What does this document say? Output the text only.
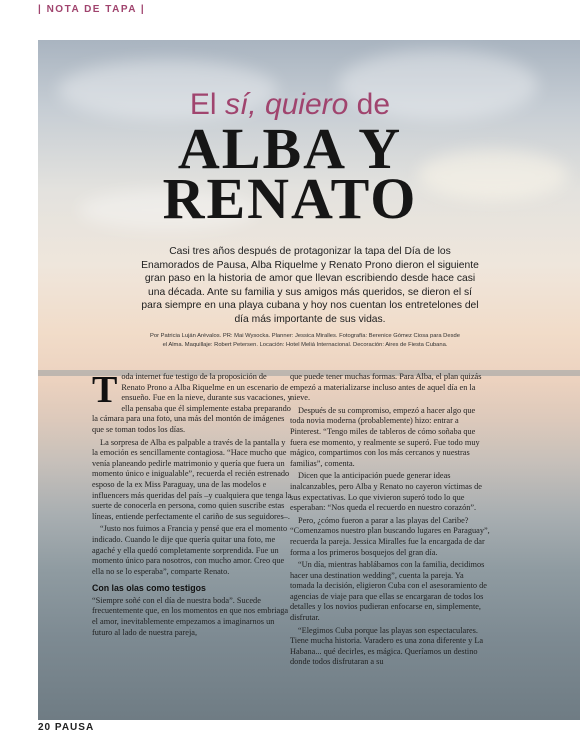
| NOTA DE TAPA |
El sí, quiero de
ALBA Y
RENATO
Casi tres años después de protagonizar la tapa del Día de los Enamorados de Pausa, Alba Riquelme y Renato Prono dieron el siguiente gran paso en la historia de amor que llevan escribiendo desde hace casi una década. Ante su familia y sus amigos más queridos, se dieron el sí para siempre en una playa cubana y hoy nos cuentan los entretelones del día más importante de sus vidas.
Por Patricia Luján Arévalos. PR: Mai Wysocka. Planner: Jessica Miralles. Fotografía: Berenice Gómez Ciosa para Desde el Alma. Maquillaje: Robert Petersen. Locación: Hotel Meliá Internacional. Decoración: Aires de Fiesta Cubana.

Toda internet fue testigo de la proposición de Renato Prono a Alba Riquelme en un escenario de ensueño. Fue en la nieve, durante sus vacaciones, y ella pensaba que él simplemente estaba preparando la cámara para una foto, una más del montón de imágenes que se toman todos los días.

La sorpresa de Alba es palpable a través de la pantalla y la emoción es sencillamente contagiosa. “Hace mucho que venía planeando pedirle matrimonio y quería que fuera un momento único e inigualable”, recuerda el recién estrenado esposo de la ex Miss Paraguay, una de las modelos e influencers más queridas del país –y cualquiera que tenga la suerte de conocerla en persona, como quien suscribe estas líneas, entiende perfectamente el cariño de sus seguidores–.

“Justo nos fuimos a Francia y pensé que era el momento indicado. Cuando le dije que quería quitar una foto, me agaché y ella quedó completamente sorprendida. Fue un momento único para nosotros, con mucho amor. Creo que ella no se lo esperaba”, comparte Renato.

Con las olas como testigos

“Siempre soñé con el día de nuestra boda”. Sucede frecuentemente que, en los momentos en que nos embriaga el amor, inevitablemente empezamos a imaginarnos un futuro al lado de nuestra pareja,

que puede tener muchas formas. Para Alba, el plan quizás empezó a materializarse incluso antes de aquel día en la nieve.

Después de su compromiso, empezó a hacer algo que toda novia moderna (probablemente) hizo: entrar a Pinterest. “Tengo miles de tableros de cómo soñaba que fuera ese momento, y realmente se superó. Fue todo muy mágico, compartimos con los más cercanos y nuestras familias”, comenta.

Dicen que la anticipación puede generar ideas inalcanzables, pero Alba y Renato no cayeron víctimas de sus expectativas. Lo que vivieron superó todo lo que esperaban: “Nos queda el recuerdo en nuestro corazón”.

Pero, ¿cómo fueron a parar a las playas del Caribe? “Comenzamos nuestro plan buscando lugares en Paraguay”, recuerda la pareja. Jessica Miralles fue la encargada de dar forma a los primeros bosquejos del gran día.

“Un día, mientras hablábamos con la familia, decidimos hacer una destination wedding”, cuenta la pareja. Ya tomada la decisión, eligieron Cuba con el asesoramiento de agencias de viaje para que ellas se encargaran de todos los detalles y los novios pudieran enfocarse en, simplemente, disfrutar.

“Elegimos Cuba porque las playas son espectaculares. Tiene mucha historia. Varadero es una zona diferente y La Habana... qué decirles, es mágica. Queríamos un destino donde todos disfrutaran a su

20 PAUSA
